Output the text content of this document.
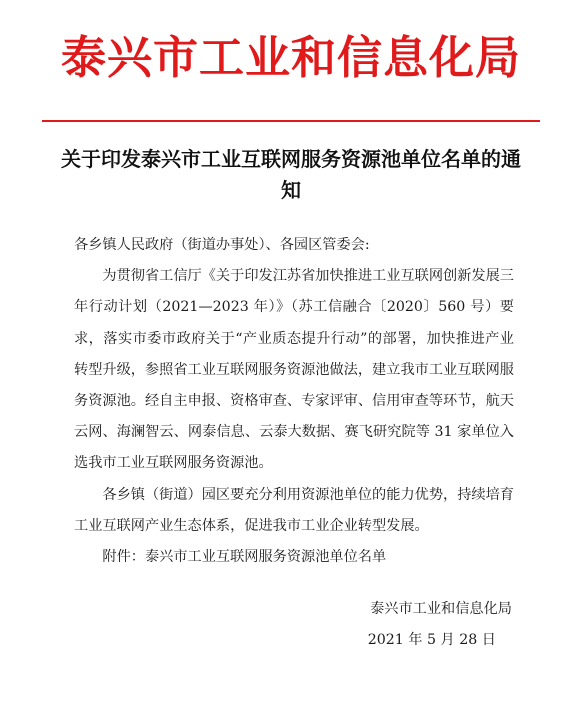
泰兴市工业和信息化局
关于印发泰兴市工业互联网服务资源池单位名单的通知

各乡镇人民政府（街道办事处）、各园区管委会:

为贯彻省工信厅《关于印发江苏省加快推进工业互联网创新发展三年行动计划（2021—2023 年）》（苏工信融合〔2020〕560 号）要求，落实市委市政府关于“产业质态提升行动”的部署，加快推进产业转型升级，参照省工业互联网服务资源池做法，建立我市工业互联网服务资源池。经自主申报、资格审查、专家评审、信用审查等环节，航天云网、海澜智云、网泰信息、云泰大数据、赛飞研究院等 31 家单位入选我市工业互联网服务资源池。

各乡镇（街道）园区要充分利用资源池单位的能力优势，持续培育工业互联网产业生态体系，促进我市工业企业转型发展。

附件：泰兴市工业互联网服务资源池单位名单

泰兴市工业和信息化局
2021 年 5 月 28 日
